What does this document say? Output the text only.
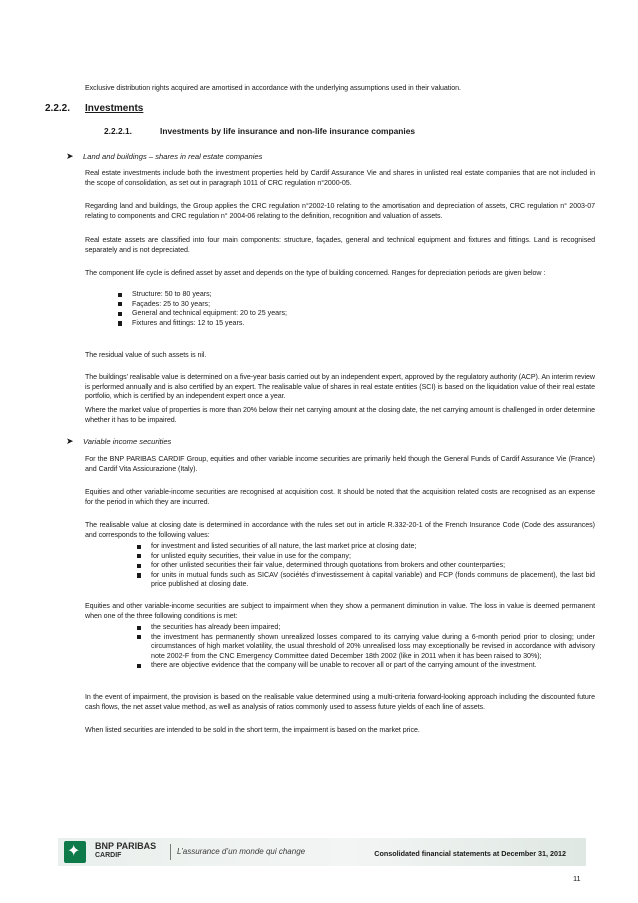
Exclusive distribution rights acquired are amortised in accordance with the underlying assumptions used in their valuation.

2.2.2. Investments
2.2.2.1.	Investments by life insurance and non-life insurance companies
➤	Land and buildings – shares in real estate companies

Real estate investments include both the investment properties held by Cardif Assurance Vie and shares in unlisted real estate companies that are not included in the scope of consolidation, as set out in paragraph 1011 of CRC regulation n°2000-05.

Regarding land and buildings, the Group applies the CRC regulation n°2002-10 relating to the amortisation and depreciation of assets, CRC regulation n° 2003-07 relating to components and CRC regulation n° 2004-06 relating to the definition, recognition and valuation of assets.

Real estate assets are classified into four main components: structure, façades, general and technical equipment and fixtures and fittings. Land is recognised separately and is not depreciated.

The component life cycle is defined asset by asset and depends on the type of building concerned. Ranges for depreciation periods are given below :

Structure: 50 to 80 years;
Façades: 25 to 30 years;
General and technical equipment: 20 to 25 years;
Fixtures and fittings: 12 to 15 years.

The residual value of such assets is nil.

The buildings’ realisable value is determined on a five-year basis carried out by an independent expert, approved by the regulatory authority (ACP). An interim review is performed annually and is also certified by an expert. The realisable value of shares in real estate entities (SCI) is based on the liquidation value of their real estate portfolio, which is certified by an independent expert once a year.

Where the market value of properties is more than 20% below their net carrying amount at the closing date, the net carrying amount is challenged in order determine whether it has to be impaired.

➤	Variable income securities

For the BNP PARIBAS CARDIF Group, equities and other variable income securities are primarily held though the General Funds of Cardif Assurance Vie (France) and Cardif Vita Assicurazione (Italy).

Equities and other variable-income securities are recognised at acquisition cost. It should be noted that the acquisition related costs are recognised as an expense for the period in which they are incurred.

The realisable value at closing date is determined in accordance with the rules set out in article R.332-20-1 of the French Insurance Code (Code des assurances) and corresponds to the following values:

for investment and listed securities of all nature, the last market price at closing date;
for unlisted equity securities, their value in use for the company;
for other unlisted securities their fair value, determined through quotations from brokers and other counterparties;
for units in mutual funds such as SICAV (sociétés d’investissement à capital variable) and FCP (fonds communs de placement), the last bid price published at closing date.

Equities and other variable-income securities are subject to impairment when they show a permanent diminution in value. The loss in value is deemed permanent when one of the three following conditions is met:

the securities has already been impaired;
the investment has permanently shown unrealized losses compared to its carrying value during a 6-month period prior to closing; under circumstances of high market volatility, the usual threshold of 20% unrealised loss may exceptionally be revised in accordance with advisory note 2002-F from the CNC Emergency Committee dated December 18th 2002 (like in 2011 when it has been raised to 30%);
there are objective evidence that the company will be unable to recover all or part of the carrying amount of the investment.

In the event of impairment, the provision is based on the realisable value determined using a multi-criteria forward-looking approach including the discounted future cash flows, the net asset value method, as well as analysis of ratios commonly used to assess future yields of each line of assets.

When listed securities are intended to be sold in the short term, the impairment is based on the market price.

✦ BNP PARIBAS
CARDIF	L’assurance d’un monde qui change	Consolidated financial statements at December 31, 2012
11
